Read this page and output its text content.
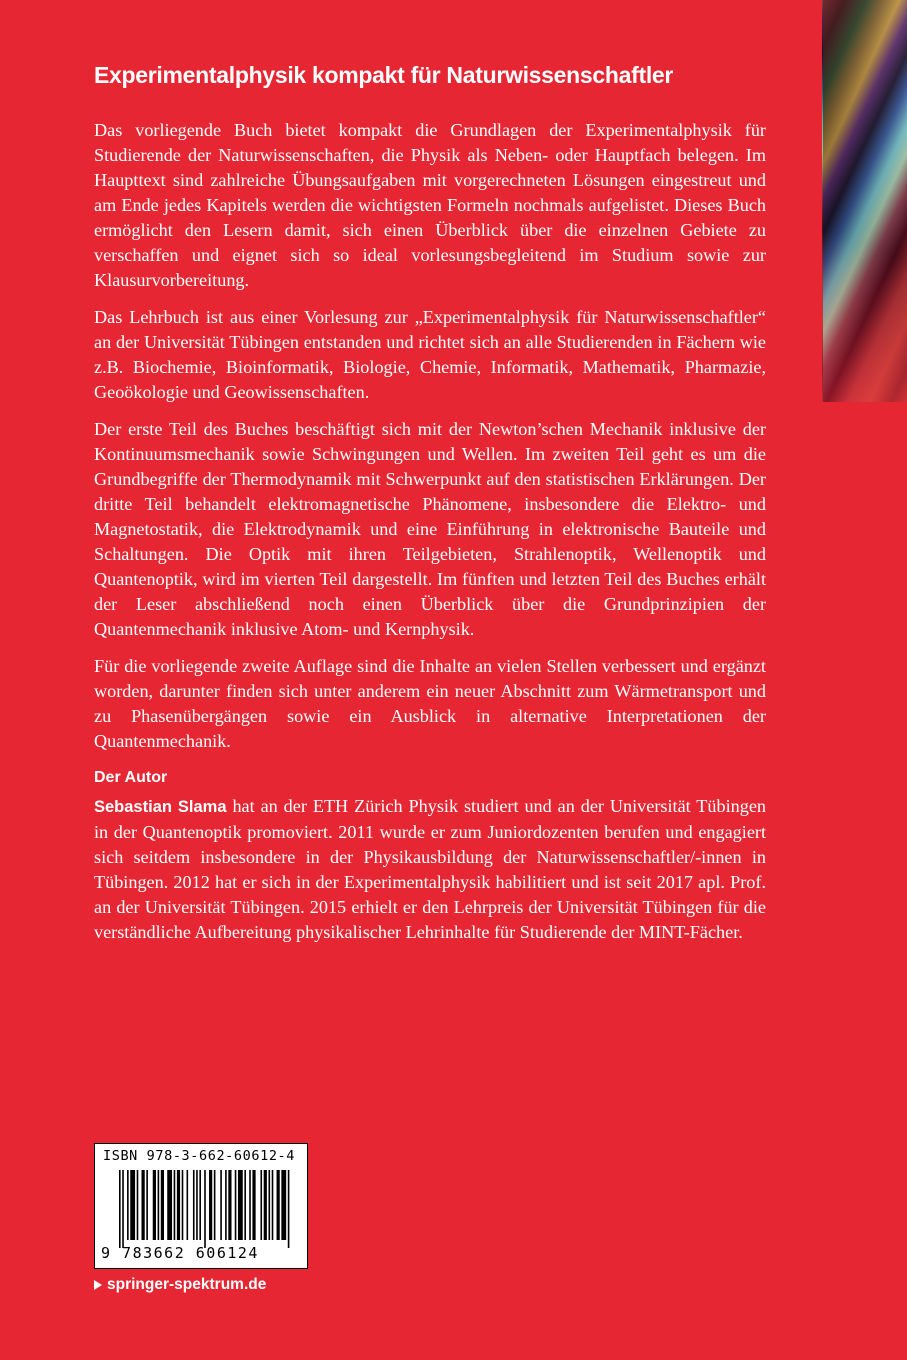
Experimentalphysik kompakt für Naturwissenschaftler

Das vorliegende Buch bietet kompakt die Grundlagen der Experimentalphysik für Studierende der Naturwissenschaften, die Physik als Neben- oder Hauptfach belegen. Im Haupttext sind zahlreiche Übungsaufgaben mit vorgerechneten Lösungen eingestreut und am Ende jedes Kapitels werden die wichtigsten Formeln nochmals aufgelistet. Dieses Buch ermöglicht den Lesern damit, sich einen Überblick über die einzelnen Gebiete zu verschaffen und eignet sich so ideal vorlesungsbegleitend im Studium sowie zur Klausurvorbereitung.

Das Lehrbuch ist aus einer Vorlesung zur „Experimentalphysik für Naturwissenschaftler“ an der Universität Tübingen entstanden und richtet sich an alle Studierenden in Fächern wie z.B. Biochemie, Bioinformatik, Biologie, Chemie, Informatik, Mathematik, Pharmazie, Geoökologie und Geowissenschaften.

Der erste Teil des Buches beschäftigt sich mit der Newton’schen Mechanik inklusive der Kontinuumsmechanik sowie Schwingungen und Wellen. Im zweiten Teil geht es um die Grundbegriffe der Thermodynamik mit Schwerpunkt auf den statistischen Erklärungen. Der dritte Teil behandelt elektromagnetische Phänomene, insbesondere die Elektro- und Magnetostatik, die Elektrodynamik und eine Einführung in elektronische Bauteile und Schaltungen. Die Optik mit ihren Teilgebieten, Strahlenoptik, Wellenoptik und Quantenoptik, wird im vierten Teil dargestellt. Im fünften und letzten Teil des Buches erhält der Leser abschließend noch einen Überblick über die Grundprinzipien der Quantenmechanik inklusive Atom- und Kernphysik.

Für die vorliegende zweite Auflage sind die Inhalte an vielen Stellen verbessert und ergänzt worden, darunter finden sich unter anderem ein neuer Abschnitt zum Wärmetransport und zu Phasenübergängen sowie ein Ausblick in alternative Interpretationen der Quantenmechanik.

Der Autor

Sebastian Slama hat an der ETH Zürich Physik studiert und an der Universität Tübingen in der Quantenoptik promoviert. 2011 wurde er zum Juniordozenten berufen und engagiert sich seitdem insbesondere in der Physikausbildung der Naturwissenschaftler/-innen in Tübingen. 2012 hat er sich in der Experimentalphysik habilitiert und ist seit 2017 apl. Prof. an der Universität Tübingen. 2015 erhielt er den Lehrpreis der Universität Tübingen für die verständliche Aufbereitung physikalischer Lehrinhalte für Studierende der MINT-Fächer.

ISBN 978-3-662-60612-4
9 783662 606124
springer-spektrum.de
